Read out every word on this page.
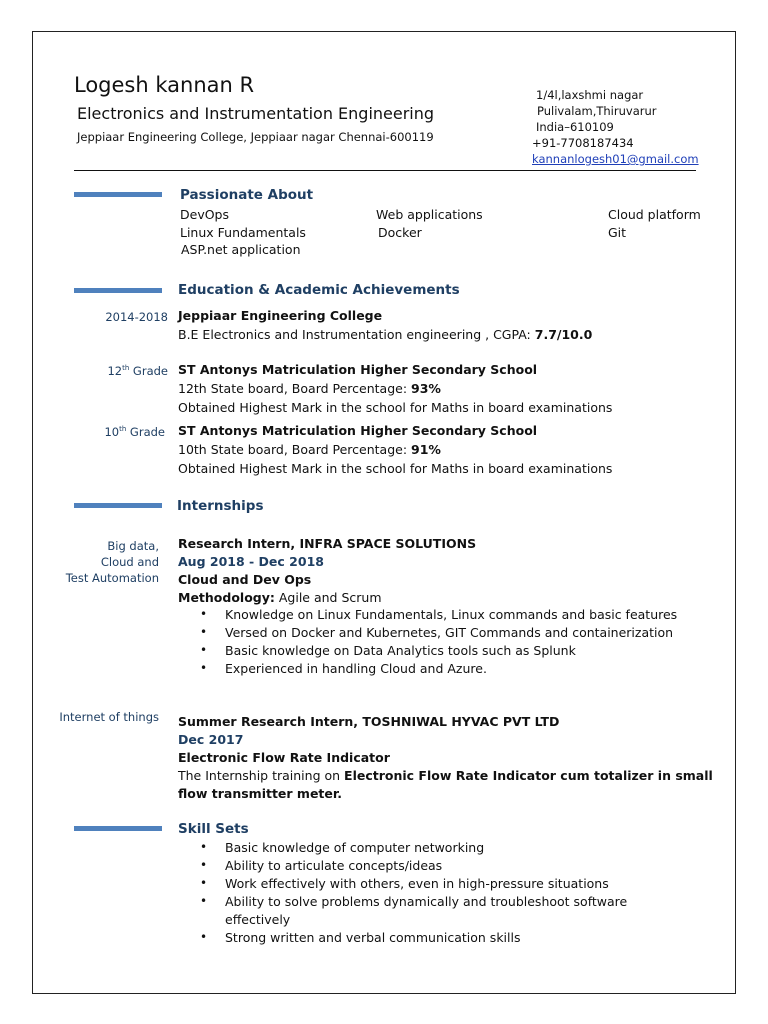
Logesh kannan R
Electronics and Instrumentation Engineering
Jeppiaar Engineering College, Jeppiaar nagar Chennai-600119
1/4l,laxshmi nagar
Pulivalam,Thiruvarur
India–610109
+91-7708187434
kannanlogesh01@gmail.com
Passionate About
DevOps	Web applications	Cloud platform
Linux Fundamentals	Docker	Git
ASP.net application
Education & Academic Achievements
2014-2018 Jeppiaar Engineering College
B.E Electronics and Instrumentation engineering , CGPA: 7.7/10.0
12th Grade ST Antonys Matriculation Higher Secondary School
12th State board, Board Percentage: 93%
Obtained Highest Mark in the school for Maths in board examinations
10th Grade ST Antonys Matriculation Higher Secondary School
10th State board, Board Percentage: 91%
Obtained Highest Mark in the school for Maths in board examinations
Internships
Big data,
Cloud and
Test Automation
Research Intern, INFRA SPACE SOLUTIONS
Aug 2018 - Dec 2018
Cloud and Dev Ops
Methodology: Agile and Scrum
• Knowledge on Linux Fundamentals, Linux commands and basic features
• Versed on Docker and Kubernetes, GIT Commands and containerization
• Basic knowledge on Data Analytics tools such as Splunk
• Experienced in handling Cloud and Azure.
Internet of things Summer Research Intern, TOSHNIWAL HYVAC PVT LTD
Dec 2017
Electronic Flow Rate Indicator
The Internship training on Electronic Flow Rate Indicator cum totalizer in small
flow transmitter meter.
Skill Sets
• Basic knowledge of computer networking
• Ability to articulate concepts/ideas
• Work effectively with others, even in high-pressure situations
• Ability to solve problems dynamically and troubleshoot software
effectively
• Strong written and verbal communication skills
